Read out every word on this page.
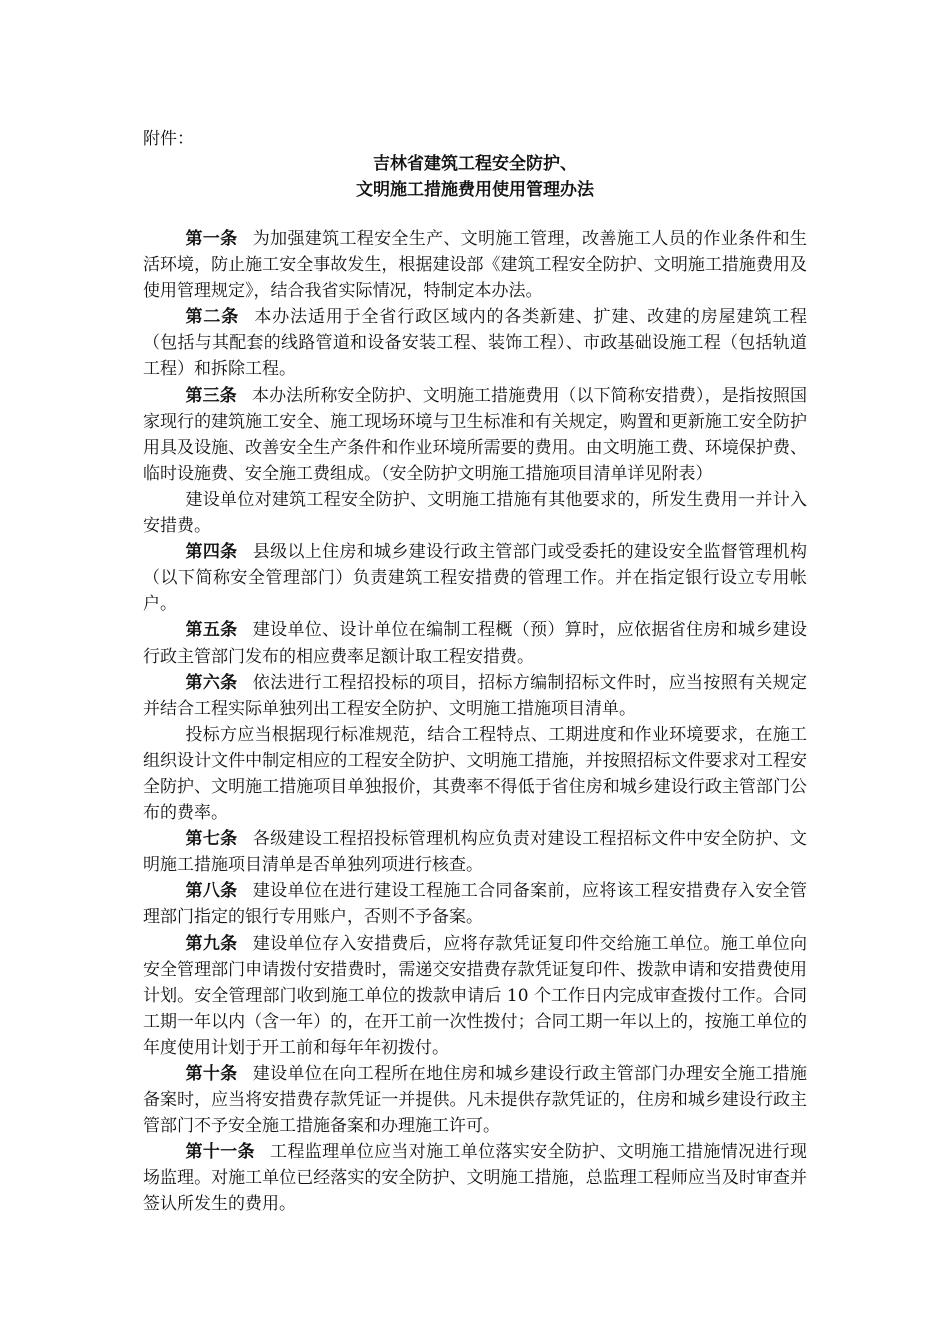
附件：
吉林省建筑工程安全防护、
文明施工措施费用使用管理办法

第一条 为加强建筑工程安全生产、文明施工管理，改善施工人员的作业条件和生活环境，防止施工安全事故发生，根据建设部《建筑工程安全防护、文明施工措施费用及使用管理规定》，结合我省实际情况，特制定本办法。

第二条 本办法适用于全省行政区域内的各类新建、扩建、改建的房屋建筑工程（包括与其配套的线路管道和设备安装工程、装饰工程）、市政基础设施工程（包括轨道工程）和拆除工程。

第三条 本办法所称安全防护、文明施工措施费用（以下简称安措费），是指按照国家现行的建筑施工安全、施工现场环境与卫生标准和有关规定，购置和更新施工安全防护用具及设施、改善安全生产条件和作业环境所需要的费用。由文明施工费、环境保护费、临时设施费、安全施工费组成。（安全防护文明施工措施项目清单详见附表）

建设单位对建筑工程安全防护、文明施工措施有其他要求的，所发生费用一并计入安措费。

第四条 县级以上住房和城乡建设行政主管部门或受委托的建设安全监督管理机构（以下简称安全管理部门）负责建筑工程安措费的管理工作。并在指定银行设立专用帐户。

第五条 建设单位、设计单位在编制工程概（预）算时，应依据省住房和城乡建设行政主管部门发布的相应费率足额计取工程安措费。

第六条 依法进行工程招投标的项目，招标方编制招标文件时，应当按照有关规定并结合工程实际单独列出工程安全防护、文明施工措施项目清单。

投标方应当根据现行标准规范，结合工程特点、工期进度和作业环境要求，在施工组织设计文件中制定相应的工程安全防护、文明施工措施，并按照招标文件要求对工程安全防护、文明施工措施项目单独报价，其费率不得低于省住房和城乡建设行政主管部门公布的费率。

第七条 各级建设工程招投标管理机构应负责对建设工程招标文件中安全防护、文明施工措施项目清单是否单独列项进行核查。

第八条 建设单位在进行建设工程施工合同备案前，应将该工程安措费存入安全管理部门指定的银行专用账户，否则不予备案。

第九条 建设单位存入安措费后，应将存款凭证复印件交给施工单位。施工单位向安全管理部门申请拨付安措费时，需递交安措费存款凭证复印件、拨款申请和安措费使用计划。安全管理部门收到施工单位的拨款申请后 10 个工作日内完成审查拨付工作。合同工期一年以内（含一年）的，在开工前一次性拨付；合同工期一年以上的，按施工单位的年度使用计划于开工前和每年年初拨付。

第十条 建设单位在向工程所在地住房和城乡建设行政主管部门办理安全施工措施备案时，应当将安措费存款凭证一并提供。凡未提供存款凭证的，住房和城乡建设行政主管部门不予安全施工措施备案和办理施工许可。

第十一条 工程监理单位应当对施工单位落实安全防护、文明施工措施情况进行现场监理。对施工单位已经落实的安全防护、文明施工措施，总监理工程师应当及时审查并签认所发生的费用。
